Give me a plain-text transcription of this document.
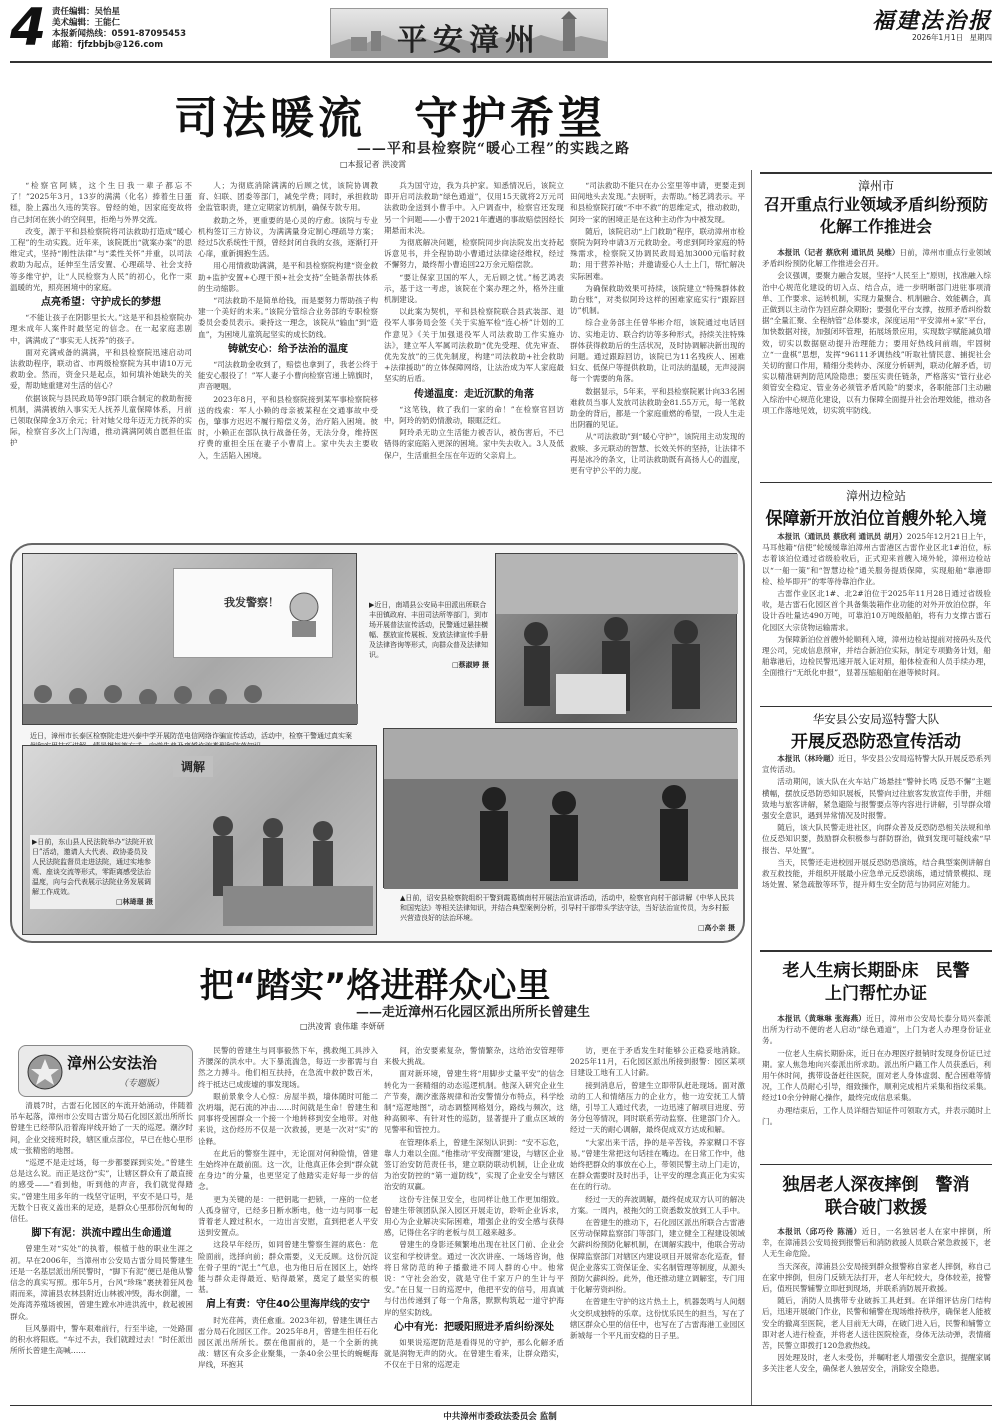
4 责任编辑：吴怡星
美术编辑：王能仁
本报新闻热线：0591-87095453
邮箱：fjfzbbjb@126.com	平安漳州
福建法治报
2026年1月1日 星期四
司法暖流　守护希望
——平和县检察院“暖心工程”的实践之路
□本报记者 洪凌霄

“检察官阿姨，这个生日我一辈子都忘不了！”2025年3月，13岁的满满（化名）捧着生日蛋糕，脸上露出久违的笑容。曾经的她，因家庭变故将自己封闭在狭小的空间里，拒绝与外界交流。

改变，源于平和县检察院将司法救助打造成“暖心工程”的生动实践。近年来，该院既出“就案办案”的思维定式，坚持“刚性法律”与“柔性关怀”并重，以司法救助为起点，延伸至生活安置、心理疏导、社会支持等多维守护，让“人民检察为人民”的初心，化作一束温暖的光，照亮困境中的家庭。

点亮希望：守护成长的梦想

“不能让孩子在阴影里长大。”这是平和县检察院办理未成年人案件时最坚定的信念。在一起家庭悲剧中，满满成了“事实无人抚养”的孩子。

面对充满戒备的满满，平和县检察院迅速启动司法救助程序，联动省、市两级检察院为其申请10万元救助金。然而，资金只是起点，如何填补她缺失的关爱，帮助她重建对生活的信心？

依据该院与县民政局等9部门联合制定的救助衔接机制，满满被纳入事实无人抚养儿童保障体系，月前已领取保障金3万余元；针对她父母年迈无力抚养的实际，检察官多次上门沟通，推动满满阿姨自愿担任监护

人；为彻底消除满满的后顾之忧，该院协调教育、妇联、团委等部门，减免学费；同时，承担救助金监管职责，建立定期家访机制，确保专款专用。

救助之外，更重要的是心灵的疗愈。该院与专业机构签订三方协议，为满满量身定制心理疏导方案；经过5次系统性干预，曾经封闭自我的女孩，逐渐打开心扉，重新拥抱生活。

用心用情救助满满，是平和县检察院构建“资金救助+监护安置+心理干预+社会支持”全链条帮扶体系的生动缩影。

“司法救助不是简单给钱，而是要努力帮助孩子构建一个美好的未来。”该院分管综合业务部的专职检察委员会委员表示。秉持这一理念，该院从“输血”到“造血”，为困境儿童筑起坚实的成长防线。

铸就安心：给予法治的温度

“司法救助金收到了，赔偿也拿到了，我老公终于能安心服役了！”军人妻子小曹向检察官递上锦旗时，声音哽咽。

2023年8月，平和县检察院接到某军事检察院移送的线索：军人小赖的母亲被某程在交通事故中受伤，肇事方迟迟不履行赔偿义务，治疗陷入困境。彼时，小赖正在部队执行战备任务，无法分身，维持医疗费的重担全压在妻子小曹肩上。家中失去主要收入，生活陷入困境。

兵为国守边，我为兵护家。知悉情况后，该院立即开启司法救助“绿色通道”，仅用15天就将2万元司法救助金送到小曹手中。入户调查中，检察官还发现另一个问题——小曹于2021年遭遇的事故赔偿因经长期悬而未决。

为彻底解决问题，检察院同步向法院发出支持起诉意见书，并全程协助小曹通过法律途径维权，经过不懈努力，最终帮小曹追回22万余元赔偿款。

“要让保家卫国的军人，无后顾之忧。”杨艺鸿表示，基于这一考虑，该院在个案办理之外，格外注重机制建设。

以此案为契机，平和县检察院联合县武装部、退役军人事务局会签《关于实施军检“连心桥”计划的工作意见》《关于加强退役军人司法救助工作实施办法》，建立军人军属司法救助“优先受理、优先审查、优先发放”的三优先制度，构建“司法救助+社会救助+法律援助”的立体保障网络，让法治成为军人家庭最坚实的后盾。

传递温度：走近沉默的角落

“这笔钱，救了我们一家的命！”在检察官回访中，阿玲的奶奶情激动，眼眶泛红。

阿玲杀无助立生活能力被否认，被伤害后，不已错得的家庭陷入更深的困境。家中失去收入。3人及低保户，生活重担全压在年迈的父亲肩上。

“司法救助不能只在办公室里等申请，更要走到田间地头去发现。”去厨听，去帮助。”杨艺鸿表示。平和县检察院打破“不申不救”的思维定式，推动救助，阿玲一家的困境正是在这种主动作为中被发现。

随后，该院启动“上门救助”程序，联动漳州市检察院为阿玲申请3万元救助金。考虑到阿玲家庭的特殊需求，检察院又协调民政局追加3000元临时救助；用于营养补贴；并邀请爱心人士上门，帮忙解决实际困难。

为确保救助效果可持续，该院建立“特殊群体救助台账”，对类似阿玲这样的困难家庭实行“跟踪回访”机制。

综合业务部主任曾华彬介绍，该院通过电话回访、实地走访、联合约访等多种形式，持续关注特殊群体获得救助后的生活状况，及时协调解决新出现的问题。通过跟踪回访，该院已为11名残疾人、困难妇女、低保户等提供救助，让司法的温暖，无声浸润每一个需要的角落。

数据显示，5年来，平和县检察院累计向33名困难救员当事人发放司法救助金81.55万元，每一笔救助金的背后，都是一个家庭重燃的希望，一段人生走出阴霾的见证。

从“司法救助”到“暖心守护”，该院用主动发现的救赎、多元联动的智慧、长效关怀的坚持，让法律不再是冰冷的条文，让司法救助既有高扬人心的温度，更有守护公平的力度。

我发警察！
近日，漳州市长泰区检察院走进兴泰中学开展防范电信网络诈骗宣传活动，活动中，检察干警通过真实案
▶近日，南靖县公安局丰田派出所联合丰田镇政府、丰田司法所等部门，到市场开展普法宣传活动，民警通过悬挂横幅、摆放宣传展板、发放法律宣传手册及法律咨询等形式，向群众普及法律知识。
□蔡淑婷 摄
调解
▶日前，东山县人民法院举办“法院开放日”活动，邀请人大代表、政协委员及人民法院监督员走进法院，通过实地参观、座谈交流等形式，零距离感受法治温度，向与会代表展示法院业务发展调解工作成效。
□林琦璟 摄	▲日前，诏安县检察院组织干警到霞葛镇南村开展法治宣讲活动，活动中，检察官向村干部讲解《中华人民共和国宪法》等相关法律知识，并结合典型案例分析，引导村干部带头学法守法，当好法治宣传员，为乡村振兴营造良好的法治环境。
□高小亲 摄
把“踏实”烙进群众心里
——走近漳州石化园区派出所所长曾建生
□洪凌霄 袁伟雄 李妍研
漳州公安法治
（专题版）

清晨7时，古雷石化园区的车流开始涌动，伴随着吊车起落，漳州市公安局古雷分局石化园区派出所所长曾建生已经带队沿着海岸线开始了一天的巡逻。潮汐时间，企业交接班时段，辖区重点部位，早已在他心里形成一张精密的地图。

“巡逻不是走过场，每一步都要踩到实处。”曾建生总是这么说。而正是这份“实”，让辖区群众有了最直接的感受——“看到他，听到他的声音，我们就觉得踏实。”曾建生用多年的一线坚守证明，平安不是口号，是无数个日夜义盖出来的足迹，是群众心里那份沉甸甸的信任。

脚下有泥：洪流中蹚出生命通道

曾建生对“实处”的执着，根植于他的职业生涯之初。早在2006年，当漳州市公安局古雷分局民警建生还是一名基层派出所民警时，“脚下有泥”便已是他从警信念的真实写照。那年5月，台风“珍珠”裹挟着狂风卷雨而来，漳浦县农林县附近山林被冲毁，海水倒灌，一处海湾养殖场被困，曾建生蹚水冲进洪流中，救起被困群众。

巨风暴雨中，警车艰难前行，行至半途，一处路面的积水将阳底。“车过不去，我们就蹚过去！”时任派出所所长曾建生高喊……

民警的曾建生与同事毅然下车，携救绳工具涉入齐腰深的洪水中。大下暴流湍急，每迈一步都需与自然之力搏斗。他们相互扶持，在急流中救护数百米，终于抵达已成废墟的事发现场。

眼前景象令人心惊：房屋半损，墙体随时可能二次坍塌，泥石流的冲击……时间就是生命！曾建生和同事将受困群众一个接一个地转移到安全地带。对他来说，这份经历不仅是一次救援，更是一次对“实”的诠释。

在此后的警察生涯中，无论面对何种险情，曾建生始终冲在最前面。这一次，让他真正体会到“群众就在身边”的分量，也更坚定了他踏实走好每一步的信念。

更为关键的是：一把钥匙一把锁，一座的一位老人孤身留守，已经多日断水断电，他一边与同事一起背着老人蹚过积水，一边出言安慰，直到把老人平安送到安置点。

这段早年经历，如同曾建生警察生涯的底色：危险面前，选择向前；群众需要，义无反顾。这份沉淀在骨子里的“泥土”气息，也为他日后在园区上，始终能与群众走得最近、贴得最紧，奠定了最坚实的根基。

肩上有责：守住40公里海岸线的安宁

时光荏苒，责任愈重。2023年初，曾建生调任古雷分局石化园区工作。2025年8月，曾建生担任石化园区派出所所长。摆在他面前的，是一个全新的挑战：辖区有众多企业聚集，一条40余公里长的蜿蜒海岸线，环抱其

间，治安要素复杂，警情繁杂，这给治安管理带来极大挑战。

面对新环境，曾建生将“用脚步丈量平安”的信念转化为一套精细的动态巡逻机制。他深入研究企业生产节奏，潮汐涨落规律和治安警情分布特点，科学绘制“巡逻地图”，动态调整网格划分，路线与频次，这种高频率、有针对性的巡防，显著提升了重点区域的见警率和管控力。

在管理体系上，曾建生深刻认识到：“安不忘危，靠人力难以全面。”他推动‘平安商圈’建设，与辖区企业签订治安防范责任书，建立联防联动机制，让企业成为治安防控的“第一道防线”，实现了企业安全与辖区治安的双赢。

这份专注保卫安全，也同样让他工作更加细致。曾建生带领团队深入园区开展走访，聆听企业诉求，用心为企业解决实际困难，增强企业的安全感与获得感，记得住名字的老板与员工越来越多。

曾建生的身影还频繁地出现在社区门前、企业会议室和学校讲堂。通过一次次讲座、一场场咨询，他将日常防范的种子播撒进不同人群的心中。他常说：“守社会治安，就是守住千家万户的生计与平安。”在日复一日的巡逻中，他把平安的信号，用真诚与付出传递到了每一个角落，默默构筑起一道守护海岸的坚实防线。

心中有光：把暖阳照进矛盾纠纷深处

如果说巡逻防范是看得见的守护，那么化解矛盾就是润物无声的防火。在曾建生看来，让群众踏实，不仅在于日常的巡逻走

访，更在于矛盾发生时能够公正稳妥地消除。2025年11月，石化园区派出所接到报警：园区某项目建设工地有工人讨薪。

接到消息后，曾建生立即带队赶赴现场。面对激动的工人和情绪压力的企业方，他一边安抚工人情绪，引导工人通过代表，一边迅速了解项目进度、劳务分包等情况，同时联系劳动监察、住建部门介入。经过一天的耐心调解，最终促成双方达成和解。

“大家出来干活，挣的是辛苦钱，养家糊口不容易。”曾建生常把这句话挂在嘴边。在日常工作中，他始终把群众的事放在心上，带领民警主动上门走访，在群众需要时及时出手，让平安的理念真正化为实实在在的行动。

经过一天的奔波调解，最终促成双方认可的解决方案。一周内，被拖欠的工资悉数发放到工人手中。

在曾建生的推动下，石化园区派出所联合古雷港区劳动保障监察部门等部门，建立健全工程建设领域欠薪纠纷预防化解机制，在调解实践中，他联合劳动保障监察部门对辖区内建设项目开展常态化巡查，督促企业落实工资保证金、实名制管理等制度，从源头预防欠薪纠纷。此外，他还推动建立调解室，专门用于化解劳资纠纷。

在曾建生守护的这片热土上，机器轰鸣与人间烟火交织成独特的乐章。这份忧乐民生的担当，写在了辖区群众心里的信任中，也写在了古雷海港工业园区新城每一个平凡而安稳的日子里。

漳州市
召开重点行业领域矛盾纠纷预防化解工作推进会

本报讯（记者 蔡欣利 通讯员 吴维）日前，漳州市重点行业领域矛盾纠纷预防化解工作推进会召开。

会议强调，要聚力融合发展，坚持“人民至上”原则，找准融入综治中心规范化建设的切入点、结合点，进一步明晰部门进驻事项清单、工作要求、运转机制，实现力量聚合、机制融合、效能耦合，真正做到以主动作为回应群众期盼；要强化平台支撑，按照矛盾纠纷数据“全量汇聚、全程纳管”总体要求，深度运用“平安漳州+家”平台，加快数据对接，加强闭环管理，拓展场景应用，实现数字赋能减负增效，切实以数据驱动提升治理能力；要用好热线问前端，牢固树立“一盘棋”思想，发挥“96111矛调热线”听取社情民意、捕捉社会关切的窗口作用，精细分类转办、深度分析研判，联动化解矛盾，切实以精准研判防范风险隐患；要压实责任链条，严格落实“管行业必须管安全稳定、管业务必须管矛盾风险”的要求，各职能部门主动融入综治中心规范化建设，以有力保障全面提升社会治理效能，推动各项工作落地见效，切实筑牢防线。

漳州边检站
保障新开放泊位首艘外轮入境

本报讯（通讯员 蔡欣利 通讯员 胡月）2025年12月21日上午，马耳他籍“信使”轮缓缓靠泊漳州古雷港区古雷作业区北1#泊位，标志着该泊位通过省级验收后，正式迎来首艘入境外轮，漳州边检站以“一船一策”和“智慧边检”通关服务提质保障，实现船舶“靠港即检、检毕即开”的零等待靠泊作业。

古雷作业区北1#、北2#泊位于2025年11月28日通过省级验收，是古雷石化园区首个具备集装箱作业功能的对外开放泊位群，年设计吞吐量达490万吨，可靠泊10万吨级船舶，将有力支撑古雷石化园区大宗货物运输需求。

为保障新泊位首艘外轮顺利入境，漳州边检站提前对接码头及代理公司，完成信息预审，并结合新泊位实际，制定专项勤务计划，船舶靠港后，边检民警迅速开展入证对照，船体检查和人员手续办理，全面推行“无纸化申报”，显著压缩船舶在港等候时间。

华安县公安局巡特警大队
开展反恐防恐宣传活动

本报讯（林玲题）近日，华安县公安局巡特警大队开展反恐系列宣传活动。

活动期间，该大队在火车站广场悬挂“警钟长鸣 反恐不懈”主题横幅，摆放反恐防恐知识展板，民警向过往旅客发放宣传手册，并细致地与旅客讲解，紧急避险与报警要点等内容进行讲解，引导群众增强安全意识，遇到异常情况及时报警。

随后，该大队民警走进社区，向群众普及反恐防恐相关法规和单位反恐知识要，鼓励群众积极参与群防群治，做到发现可疑线索“早报告、早处置”。

当天，民警还走进校园开展反恐防恐演练，结合典型案例讲解自救互救技能，并组织开展最小应急单元反恐演练，通过情景模拟、现场处置、紧急疏散等环节，提升师生安全防范与协同应对能力。

老人生病长期卧床　民警上门帮忙办证

本报讯（黄琳琳 张海燕）近日，漳州市公安局长泰分局兴泰派出所为行动不便的老人启动“绿色通道”，上门为老人办理身份证业务。

一位老人生病长期卧床，近日在办理医疗报销时发现身份证已过期。家人焦急地向兴泰派出所求助。派出所户籍工作人员获悉后，利用午休时间，携带设备赶往医院，面对老人身体虚弱、配合困难等情况，工作人员耐心引导，细致操作，顺利完成相片采集和指纹采集。经过10余分钟耐心操作，最终完成信息采集。

办理结束后，工作人员详细告知证件可领取方式，并表示随时上门。

独居老人深夜摔倒　警消联合破门救援

本报讯（邱巧伶 陈涌）近日，一名独居老人在家中摔倒，所幸，在漳浦县公安局接到报警后和消防救援人员联合紧急救援下，老人无生命危险。

当天深夜，漳浦县公安局接到群众报警称自家老人摔倒，称自己在家中摔倒，但房门反锁无法打开，老人年纪较大，身体较差，接警后，值班民警辅警立即赶到现场，并联系消防展开救援。

随后，消防人员携带专业破拆工具赶到。在详细评估房门结构后，迅速开展破门作业，民警和辅警在现场维持秩序，确保老人能被安全的撤离至医院，老人目前无大碍，在破门进入后，民警和辅警立即对老人进行检查，并将老人送往医院检查，身体无法动弹，表情痛苦，民警立即拨打120急救热线。

因处理及时，老人未受伤，并嘱咐老人增强安全意识，提醒家属多关注老人安全，确保老人独居安全，消除安全隐患。

中共漳州市委政法委员会 监制
